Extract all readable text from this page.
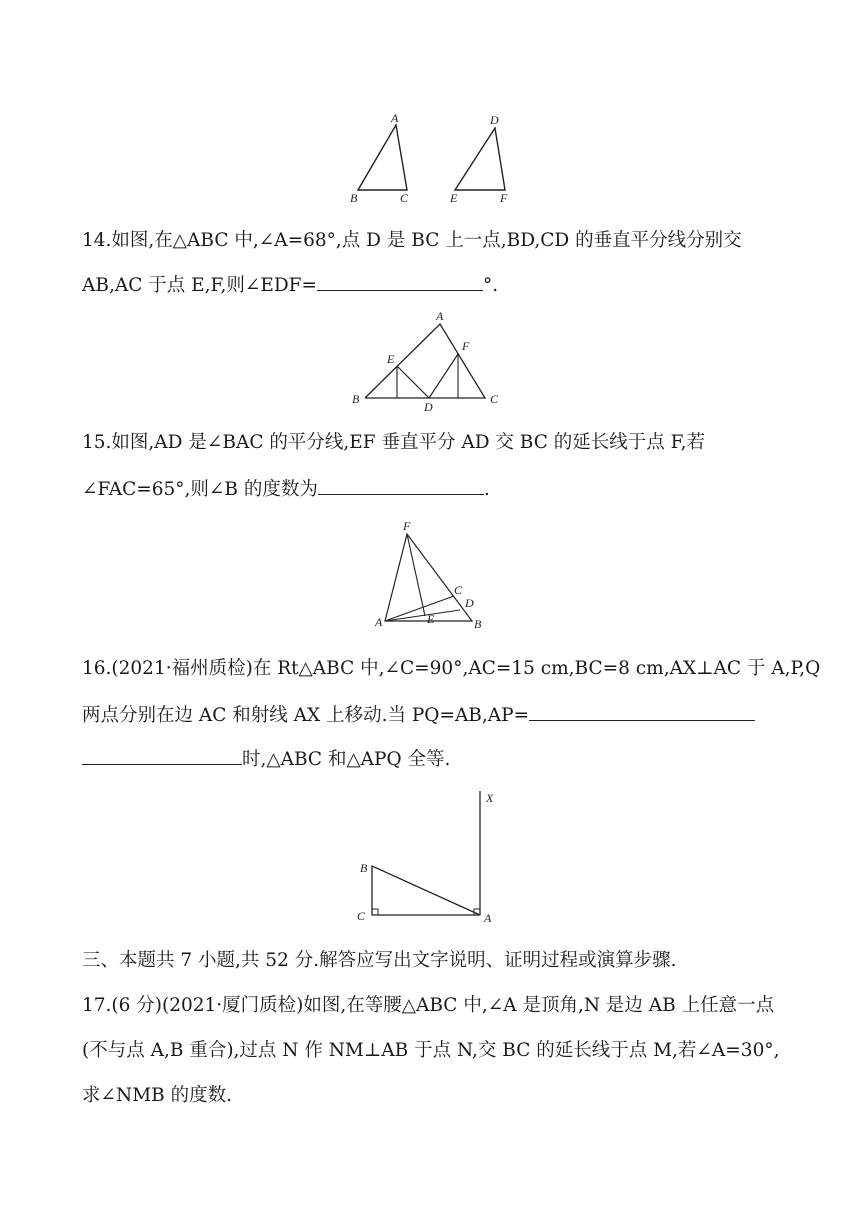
A
B	C
D
E	F

14.如图,在△ABC 中,∠A=68°,点 D 是 BC 上一点,BD,CD 的垂直平分线分别交

AB,AC 于点 E,F,则∠EDF=	°.

A
E
F
B
D
C

15.如图,AD 是∠BAC 的平分线,EF 垂直平分 AD 交 BC 的延长线于点 F,若

∠FAC=65°,则∠B 的度数为	.

F
C
D
A	E	B

16.(2021·福州质检)在 Rt△ABC 中,∠C=90°,AC=15 cm,BC=8 cm,AX⊥AC 于 A,P,Q

两点分别在边 AC 和射线 AX 上移动.当 PQ=AB,AP=

时,△ABC 和△APQ 全等.

X
B
C	A

三、本题共 7 小题,共 52 分.解答应写出文字说明、证明过程或演算步骤.

17.(6 分)(2021·厦门质检)如图,在等腰△ABC 中,∠A 是顶角,N 是边 AB 上任意一点

(不与点 A,B 重合),过点 N 作 NM⊥AB 于点 N,交 BC 的延长线于点 M,若∠A=30°,

求∠NMB 的度数.
